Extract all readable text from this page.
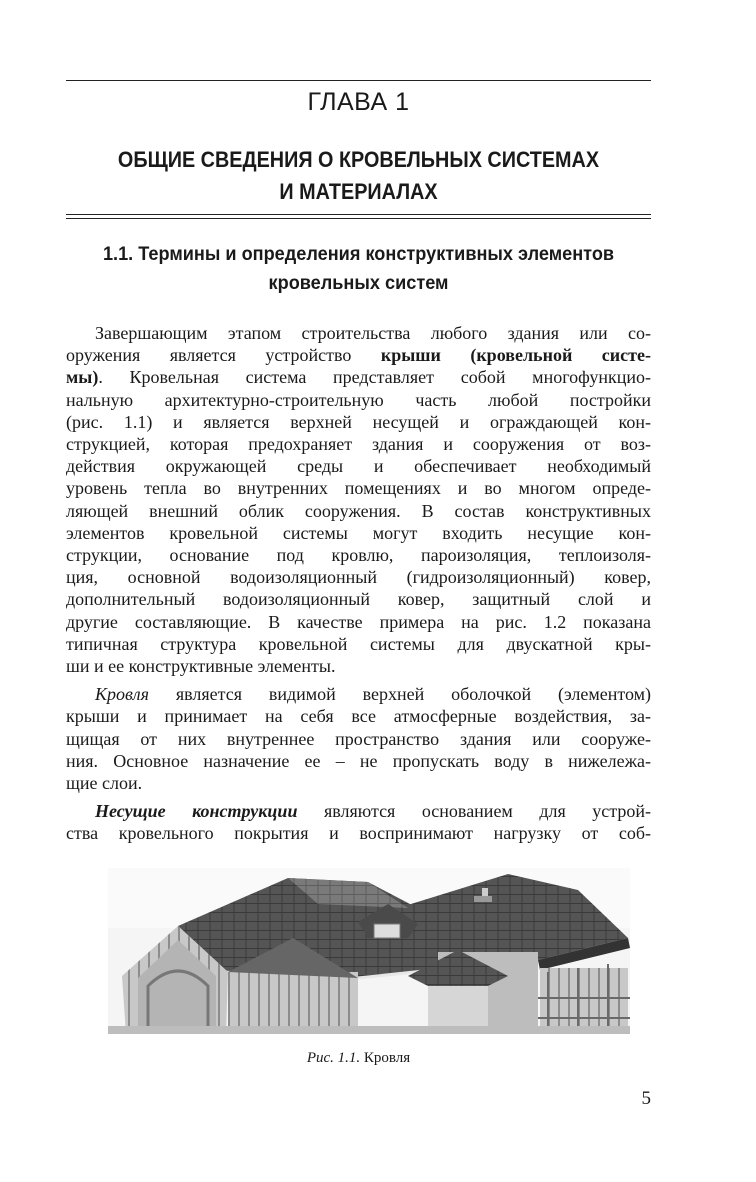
ГЛАВА 1
ОБЩИЕ СВЕДЕНИЯ О КРОВЕЛЬНЫХ СИСТЕМАХ
И МАТЕРИАЛАХ
1.1. Термины и определения конструктивных элементов
кровельных систем
Завершающим этапом строительства любого здания или со-
оружения является устройство крыши (кровельной систе-
мы). Кровельная система представляет собой многофункцио-
нальную архитектурно-строительную часть любой постройки
(рис. 1.1) и является верхней несущей и ограждающей кон-
струкцией, которая предохраняет здания и сооружения от воз-
действия окружающей среды и обеспечивает необходимый
уровень тепла во внутренних помещениях и во многом опреде-
ляющей внешний облик сооружения. В состав конструктивных
элементов кровельной системы могут входить несущие кон-
струкции, основание под кровлю, пароизоляция, теплоизоля-
ция, основной водоизоляционный (гидроизоляционный) ковер,
дополнительный водоизоляционный ковер, защитный слой и
другие составляющие. В качестве примера на рис. 1.2 показана
типичная структура кровельной системы для двускатной кры-
ши и ее конструктивные элементы.
Кровля является видимой верхней оболочкой (элементом)
крыши и принимает на себя все атмосферные воздействия, за-
щищая от них внутреннее пространство здания или сооруже-
ния. Основное назначение ее – не пропускать воду в нижележа-
щие слои.
Несущие конструкции являются основанием для устрой-
ства кровельного покрытия и воспринимают нагрузку от соб-
Рис. 1.1. Кровля
5
